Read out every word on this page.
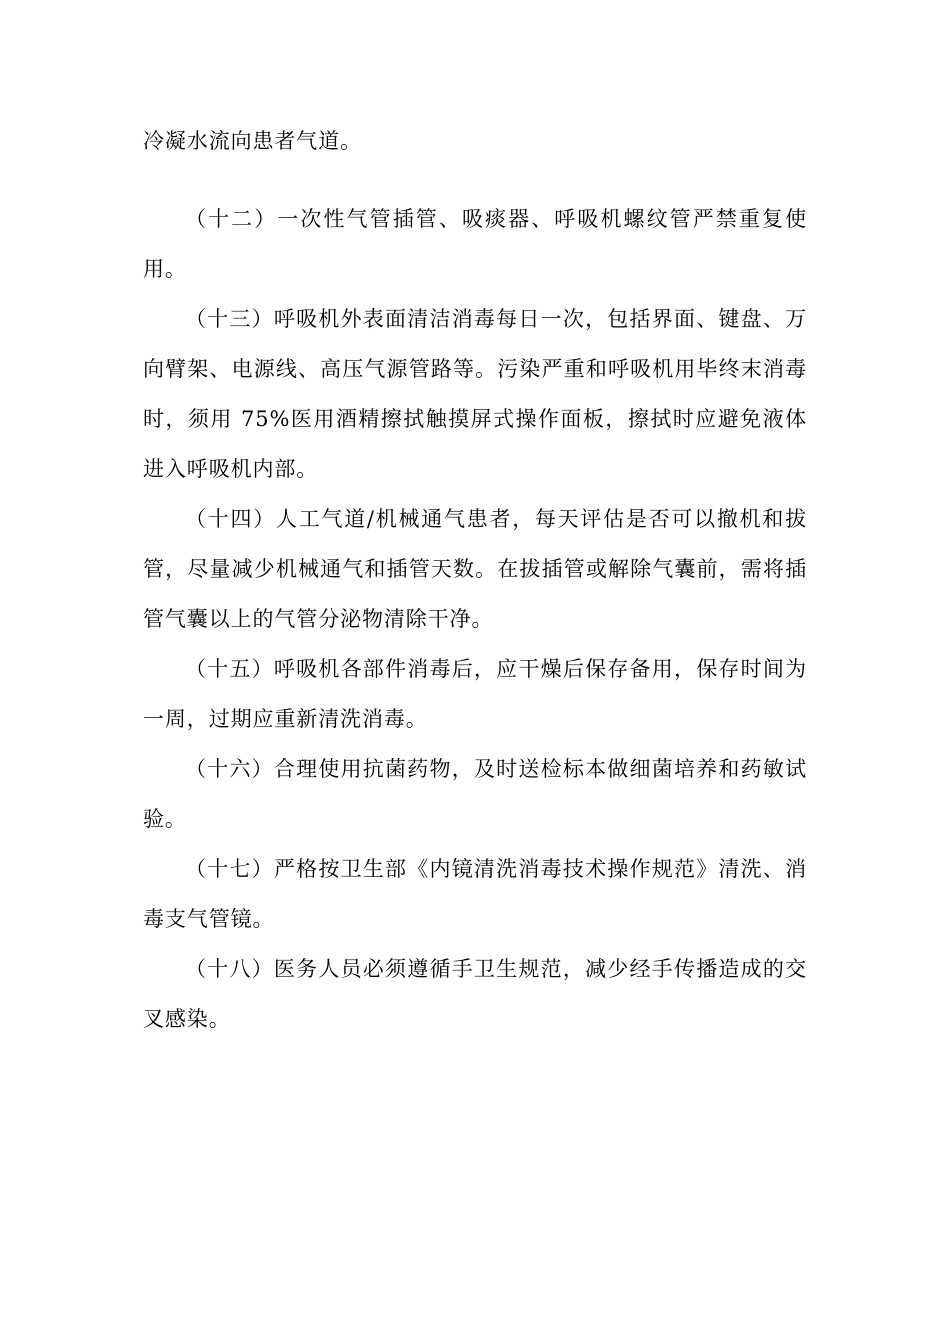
冷凝水流向患者气道。

（十二）一次性气管插管、吸痰器、呼吸机螺纹管严禁重复使用。

（十三）呼吸机外表面清洁消毒每日一次，包括界面、键盘、万向臂架、电源线、高压气源管路等。污染严重和呼吸机用毕终末消毒时，须用 75%医用酒精擦拭触摸屏式操作面板，擦拭时应避免液体进入呼吸机内部。

（十四）人工气道/机械通气患者，每天评估是否可以撤机和拔管，尽量减少机械通气和插管天数。在拔插管或解除气囊前，需将插管气囊以上的气管分泌物清除干净。

（十五）呼吸机各部件消毒后，应干燥后保存备用，保存时间为一周，过期应重新清洗消毒。

（十六）合理使用抗菌药物，及时送检标本做细菌培养和药敏试验。

（十七）严格按卫生部《内镜清洗消毒技术操作规范》清洗、消毒支气管镜。

（十八）医务人员必须遵循手卫生规范，减少经手传播造成的交叉感染。
